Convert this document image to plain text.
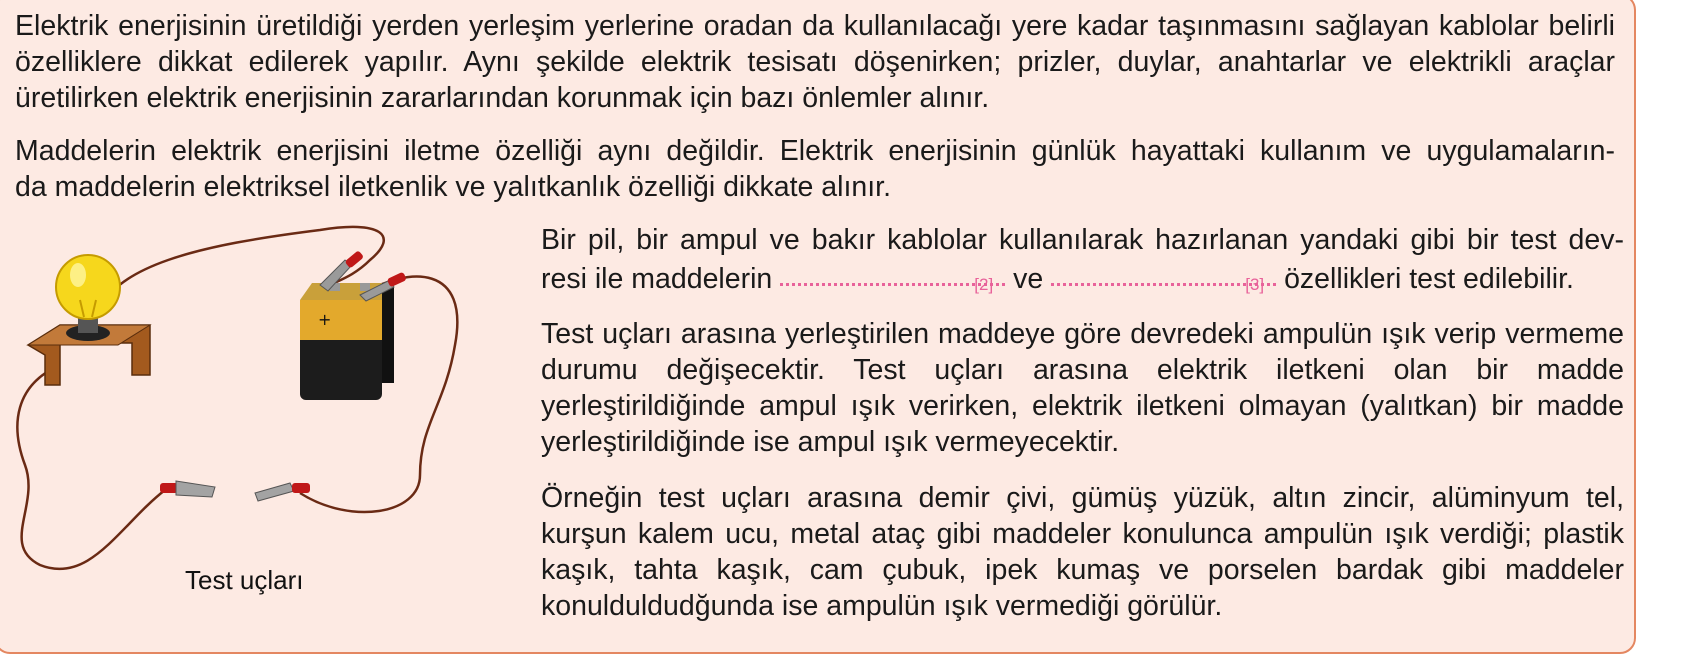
Elektrik enerjisinin üretildiği yerden yerleşim yerlerine oradan da kullanılacağı yere kadar taşınmasını sağlayan kablolar belirli özelliklere dikkat edilerek yapılır. Aynı şekilde elektrik tesisatı döşenirken; prizler, duylar, anahtarlar ve elektrikli araçlar üretilirken elektrik enerjisinin zararlarından korunmak için bazı önlemler alınır.

Maddelerin elektrik enerjisini iletme özelliği aynı değildir. Elektrik enerjisinin günlük hayattaki kullanım ve uygulamaların-
da maddelerin elektriksel iletkenlik ve yalıtkanlık özelliği dikkate alınır.

+
Test uçları

Bir pil, bir ampul ve bakır kablolar kullanılarak hazırlanan yandaki gibi bir test dev-
resi ile maddelerin	[2] ve	[3] özellikleri test edilebilir.

Test uçları arasına yerleştirilen maddeye göre devredeki ampulün ışık verip vermeme durumu değişecektir. Test uçları arasına elektrik iletkeni olan bir madde yerleştirildiğinde ampul ışık verirken, elektrik iletkeni olmayan (yalıtkan) bir madde yerleştirildiğinde ise ampul ışık vermeyecektir.

Örneğin test uçları arasına demir çivi, gümüş yüzük, altın zincir, alüminyum tel, kurşun kalem ucu, metal ataç gibi maddeler konulunca ampulün ışık verdiği; plastik kaşık, tahta kaşık, cam çubuk, ipek kumaş ve porselen bardak gibi maddeler konulduldudğunda ise ampulün ışık vermediği görülür.
